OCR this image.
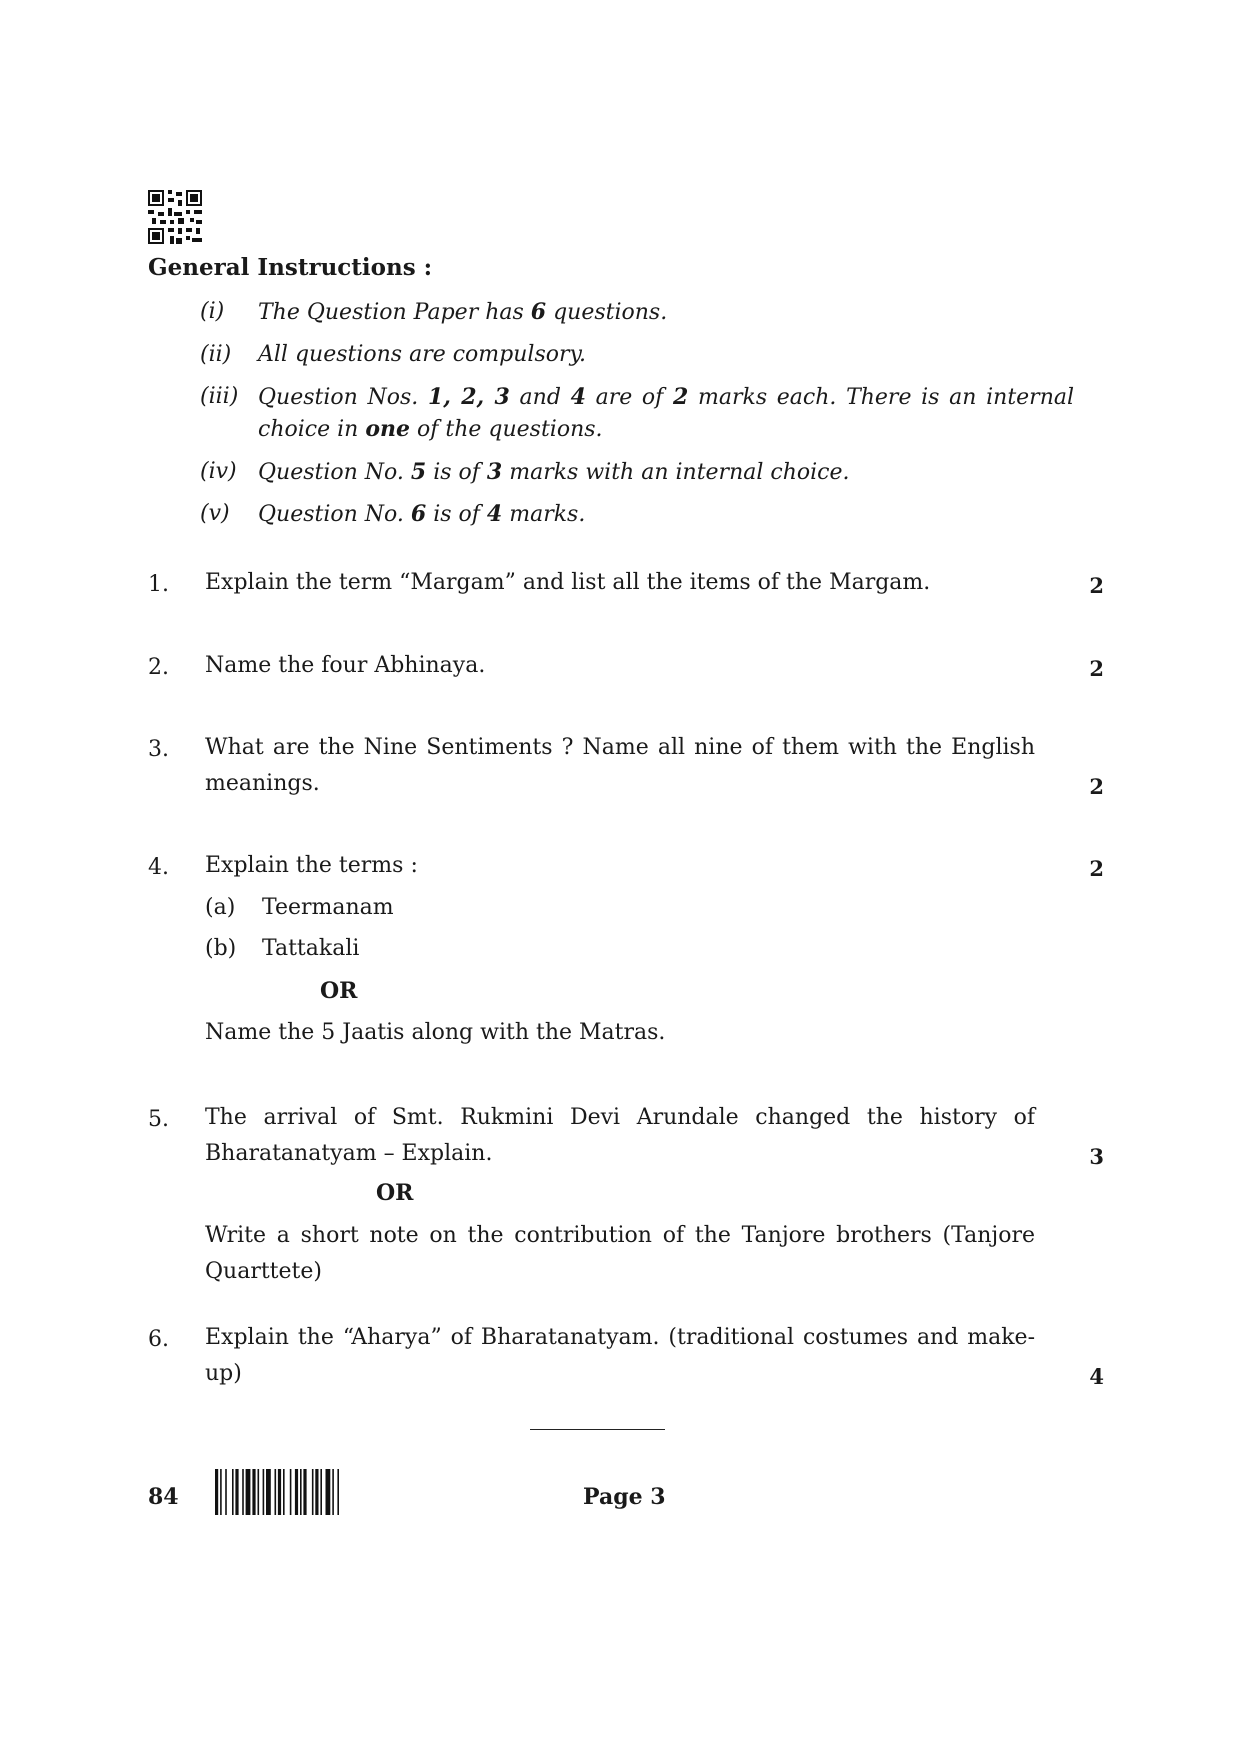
General Instructions :
(i) The Question Paper has 6 questions.
(ii) All questions are compulsory.
(iii) Question Nos. 1, 2, 3 and 4 are of 2 marks each. There is an internal
choice in one of the questions.
(iv) Question No. 5 is of 3 marks with an internal choice.
(v) Question No. 6 is of 4 marks.
1. Explain the term “Margam” and list all the items of the Margam.	2
2. Name the four Abhinaya.	2
3. What are the Nine Sentiments ? Name all nine of them with the English
meanings.	2
4. Explain the terms :	2
(a)	Teermanam
(b)	Tattakali
OR
Name the 5 Jaatis along with the Matras.
5. The arrival of Smt. Rukmini Devi Arundale changed the history of
Bharatanatyam – Explain.	3
OR
Write a short note on the contribution of the Tanjore brothers (Tanjore
Quarttete)
6. Explain the “Aharya” of Bharatanatyam. (traditional costumes and make-
up)	4
84	Page 3
